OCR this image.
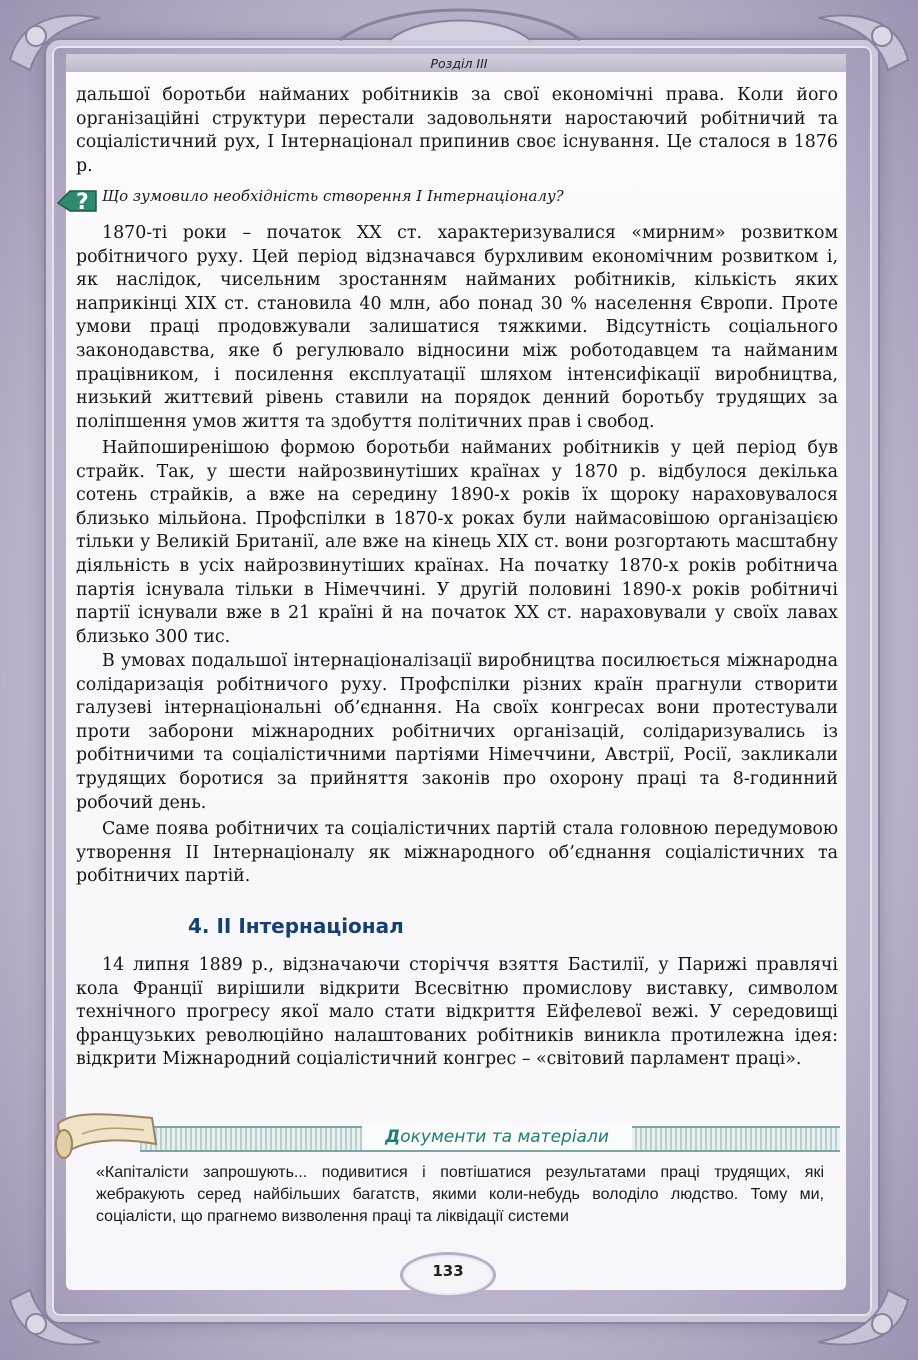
Розділ III

дальшої боротьби найманих робітників за свої економічні права. Коли його організаційні структури перестали задовольняти наростаючий робітничий та соціалістичний рух, І Інтернаціонал припинив своє існування. Це сталося в 1876 р.

? Що зумовило необхідність створення І Інтернаціоналу?

1870-ті роки – початок ХХ ст. характеризувалися «мирним» розвитком робітничого руху. Цей період відзначався бурхливим економічним розвитком і, як наслідок, чисельним зростанням найманих робітників, кількість яких наприкінці ХІХ ст. становила 40 млн, або понад 30 % населення Європи. Проте умови праці продовжували залишатися тяжкими. Відсутність соціального законодавства, яке б регулювало відносини між роботодавцем та найманим працівником, і посилення експлуатації шляхом інтенсифікації виробництва, низький життєвий рівень ставили на порядок денний боротьбу трудящих за поліпшення умов життя та здобуття політичних прав і свобод.

Найпоширенішою формою боротьби найманих робітників у цей період був страйк. Так, у шести найрозвинутіших країнах у 1870 р. відбулося декілька сотень страйків, а вже на середину 1890-х років їх щороку нараховувалося близько мільйона. Профспілки в 1870-х роках були наймасовішою організацією тільки у Великій Британії, але вже на кінець ХІХ ст. вони розгортають масштабну діяльність в усіх найрозвинутіших країнах. На початку 1870-х років робітнича партія існувала тільки в Німеччині. У другій половині 1890-х років робітничі партії існували вже в 21 країні й на початок ХХ ст. нараховували у своїх лавах близько 300 тис.

В умовах подальшої інтернаціоналізації виробництва посилюється міжнародна солідаризація робітничого руху. Профспілки різних країн прагнули створити галузеві інтернаціональні об’єднання. На своїх конгресах вони протестували проти заборони міжнародних робітничих організацій, солідаризувались із робітничими та соціалістичними партіями Німеччини, Австрії, Росії, закликали трудящих боротися за прийняття законів про охорону праці та 8-годинний робочий день.

Саме поява робітничих та соціалістичних партій стала головною передумовою утворення ІІ Інтернаціоналу як міжнародного об’єднання соціалістичних та робітничих партій.

4. ІІ Інтернаціонал

14 липня 1889 р., відзначаючи сторіччя взяття Бастилії, у Парижі правлячі кола Франції вирішили відкрити Всесвітню промислову виставку, символом технічного прогресу якої мало стати відкриття Ейфелевої вежі. У середовищі французьких революційно налаштованих робітників виникла протилежна ідея: відкрити Міжнародний соціалістичний конгрес – «світовий парламент праці».

Документи та матеріали

«Капіталісти запрошують... подивитися і повтішатися результатами праці трудящих, які жебракують серед найбільших багатств, якими коли-небудь володіло людство. Тому ми, соціалісти, що прагнемо визволення праці та ліквідації системи

133
